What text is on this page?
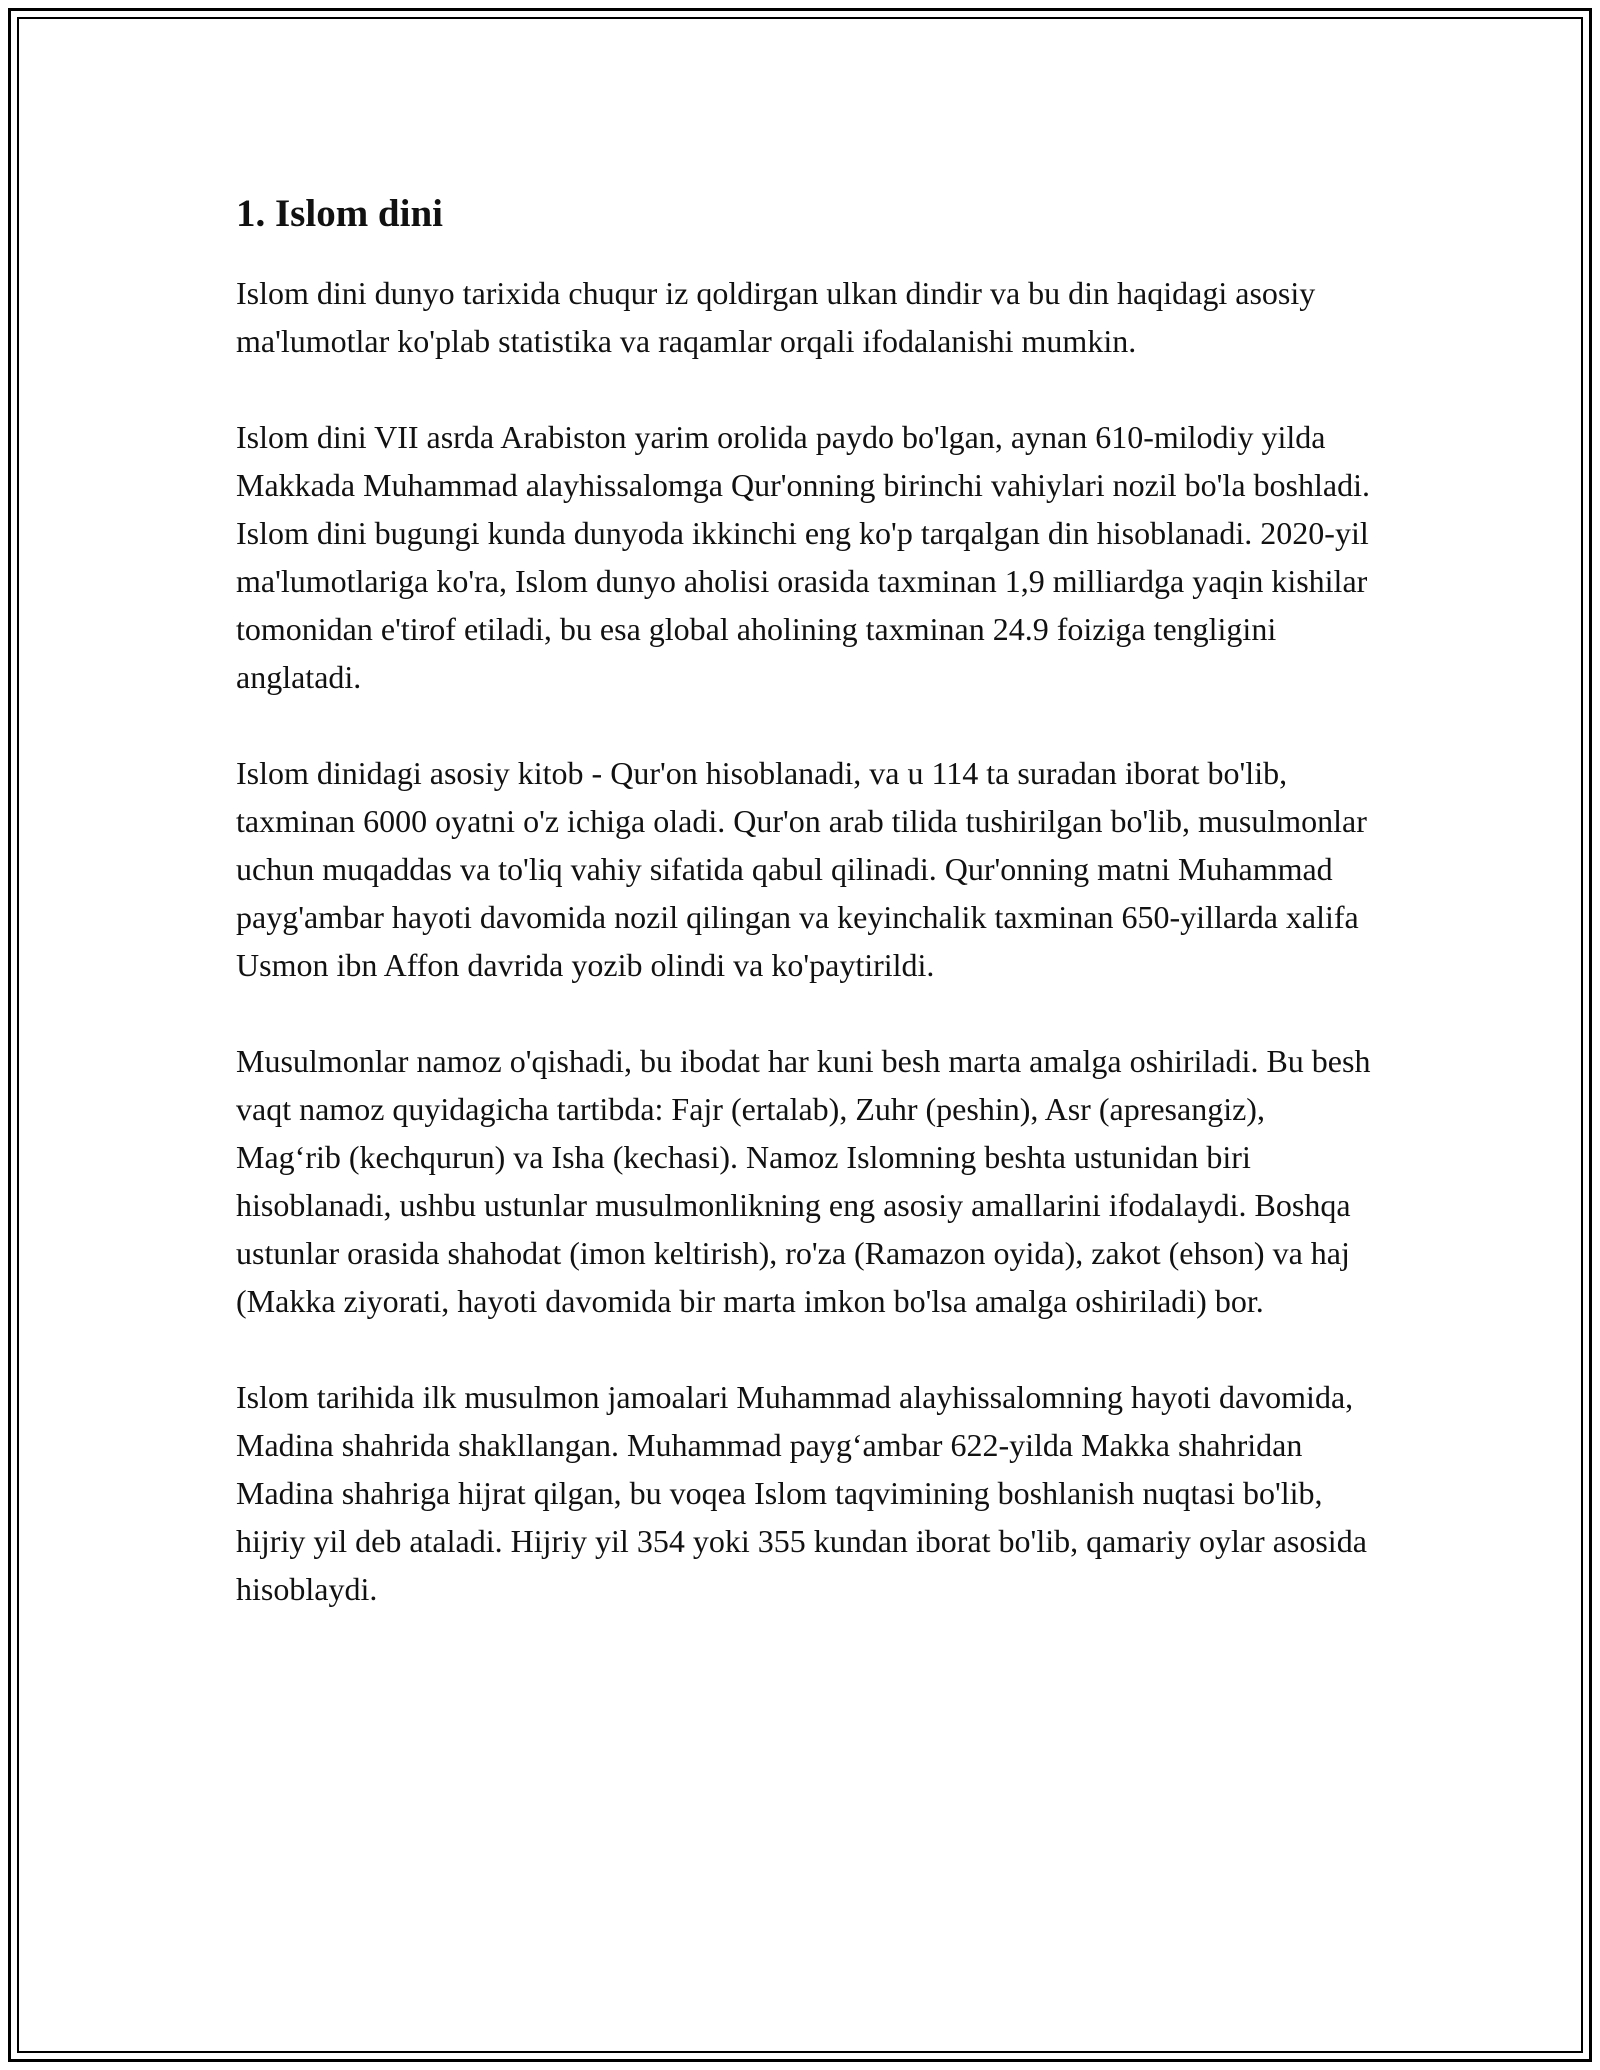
1. Islom dini

Islom dini dunyo tarixida chuqur iz qoldirgan ulkan dindir va bu din haqidagi asosiy ma'lumotlar ko'plab statistika va raqamlar orqali ifodalanishi mumkin.

Islom dini VII asrda Arabiston yarim orolida paydo bo'lgan, aynan 610-milodiy yilda Makkada Muhammad alayhissalomga Qur'onning birinchi vahiylari nozil bo'la boshladi. Islom dini bugungi kunda dunyoda ikkinchi eng ko'p tarqalgan din hisoblanadi. 2020-yil ma'lumotlariga ko'ra, Islom dunyo aholisi orasida taxminan 1,9 milliardga yaqin kishilar tomonidan e'tirof etiladi, bu esa global aholining taxminan 24.9 foiziga tengligini anglatadi.

Islom dinidagi asosiy kitob - Qur'on hisoblanadi, va u 114 ta suradan iborat bo'lib, taxminan 6000 oyatni o'z ichiga oladi. Qur'on arab tilida tushirilgan bo'lib, musulmonlar uchun muqaddas va to'liq vahiy sifatida qabul qilinadi. Qur'onning matni Muhammad payg'ambar hayoti davomida nozil qilingan va keyinchalik taxminan 650-yillarda xalifa Usmon ibn Affon davrida yozib olindi va ko'paytirildi.

Musulmonlar namoz o'qishadi, bu ibodat har kuni besh marta amalga oshiriladi. Bu besh vaqt namoz quyidagicha tartibda: Fajr (ertalab), Zuhr (peshin), Asr (apresangiz), Mag‘rib (kechqurun) va Isha (kechasi). Namoz Islomning beshta ustunidan biri hisoblanadi, ushbu ustunlar musulmonlikning eng asosiy amallarini ifodalaydi. Boshqa ustunlar orasida shahodat (imon keltirish), ro'za (Ramazon oyida), zakot (ehson) va haj (Makka ziyorati, hayoti davomida bir marta imkon bo'lsa amalga oshiriladi) bor.

Islom tarihida ilk musulmon jamoalari Muhammad alayhissalomning hayoti davomida, Madina shahrida shakllangan. Muhammad payg‘ambar 622-yilda Makka shahridan Madina shahriga hijrat qilgan, bu voqea Islom taqvimining boshlanish nuqtasi bo'lib, hijriy yil deb ataladi. Hijriy yil 354 yoki 355 kundan iborat bo'lib, qamariy oylar asosida hisoblaydi.
